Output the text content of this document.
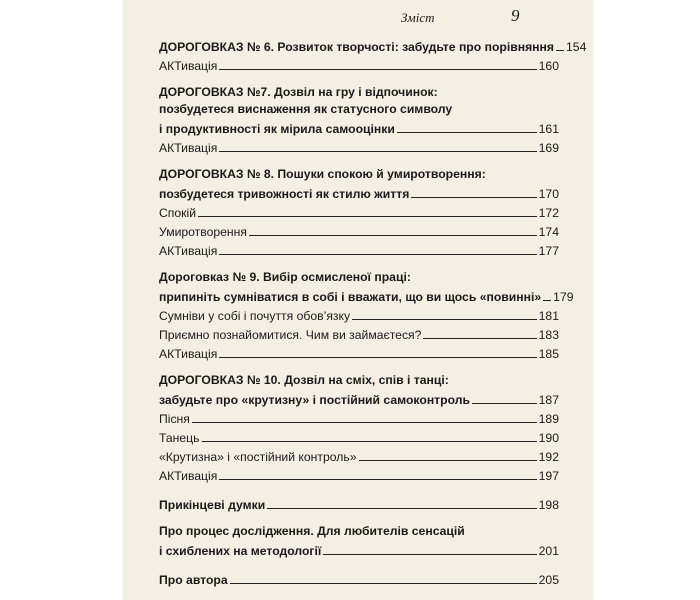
Зміст	9
ДОРОГОВКАЗ № 6. Розвиток творчості: забудьте про порівняння 154
АКТивація	160
ДОРОГОВКАЗ №7. Дозвіл на гру і відпочинок:
позбудетеся виснаження як статусного символу
і продуктивності як мірила самооцінки	161
АКТивація	169
ДОРОГОВКАЗ № 8. Пошуки спокою й умиротворення:
позбудетеся тривожності як стилю життя	170
Спокій	172
Умиротворення	174
АКТивація	177
Дороговказ № 9. Вибір осмисленої праці:
припиніть сумніватися в собі і вважати, що ви щось «повинні» 179
Сумніви у собі і почуття обов’язку	181
Приємно познайомитися. Чим ви займаєтеся?	183
АКТивація	185
ДОРОГОВКАЗ № 10. Дозвіл на сміх, спів і танці:
забудьте про «крутизну» і постійний самоконтроль	187
Пісня	189
Танець	190
«Крутизна» і «постійний контроль»	192
АКТивація	197
Прикінцеві думки	198
Про процес дослідження. Для любителів сенсацій
і схиблених на методології	201
Про автора	205
